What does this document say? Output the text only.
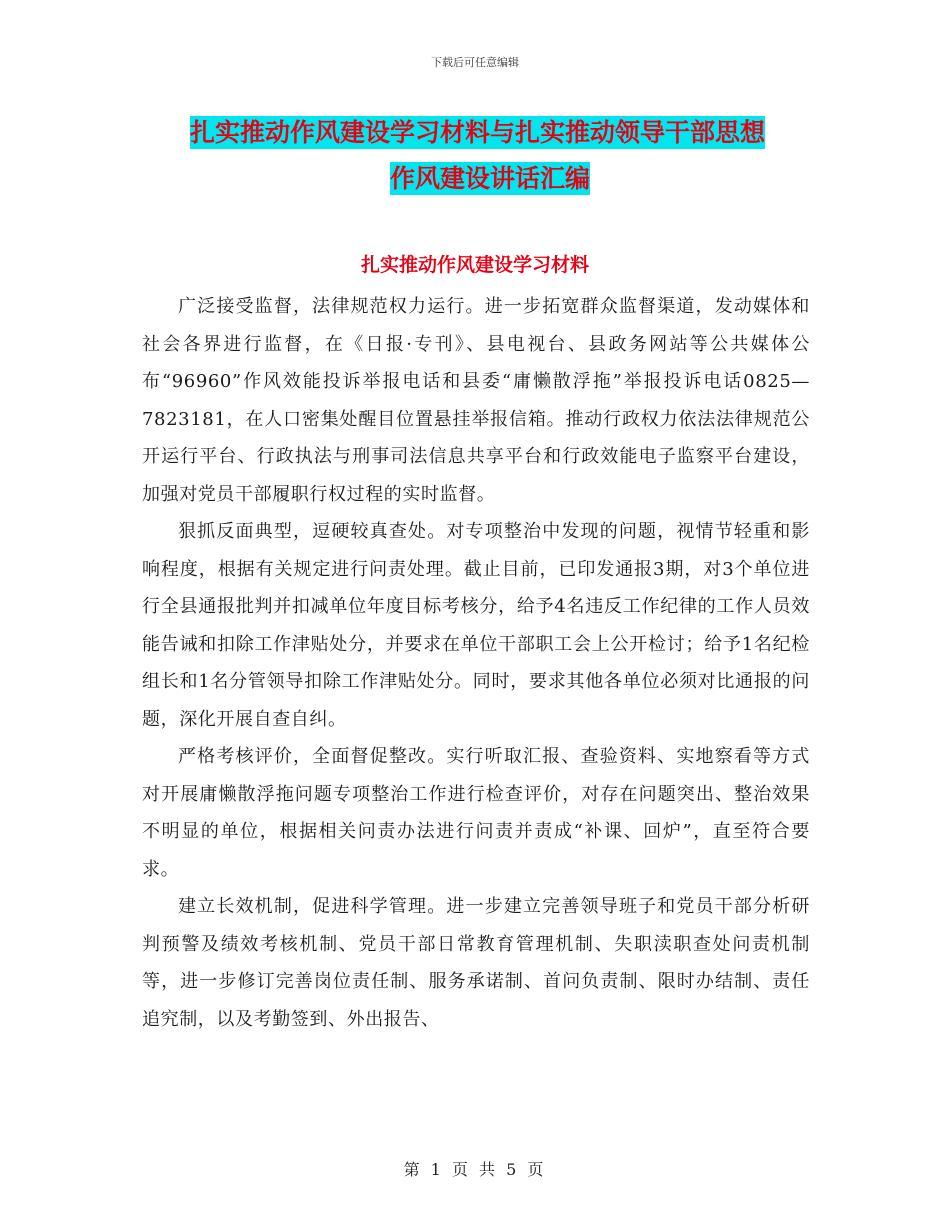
下载后可任意编辑
扎实推动作风建设学习材料与扎实推动领导干部思想
作风建设讲话汇编
扎实推动作风建设学习材料

广泛接受监督，法律规范权力运行。进一步拓宽群众监督渠道，发动媒体和社会各界进行监督，在《日报·专刊》、县电视台、县政务网站等公共媒体公布“96960”作风效能投诉举报电话和县委“庸懒散浮拖”举报投诉电话0825—7823181，在人口密集处醒目位置悬挂举报信箱。推动行政权力依法法律规范公开运行平台、行政执法与刑事司法信息共享平台和行政效能电子监察平台建设，加强对党员干部履职行权过程的实时监督。

狠抓反面典型，逗硬较真查处。对专项整治中发现的问题，视情节轻重和影响程度，根据有关规定进行问责处理。截止目前，已印发通报3期，对3个单位进行全县通报批判并扣减单位年度目标考核分，给予4名违反工作纪律的工作人员效能告诫和扣除工作津贴处分，并要求在单位干部职工会上公开检讨；给予1名纪检组长和1名分管领导扣除工作津贴处分。同时，要求其他各单位必须对比通报的问题，深化开展自查自纠。

严格考核评价，全面督促整改。实行听取汇报、查验资料、实地察看等方式对开展庸懒散浮拖问题专项整治工作进行检查评价，对存在问题突出、整治效果不明显的单位，根据相关问责办法进行问责并责成“补课、回炉”，直至符合要求。

建立长效机制，促进科学管理。进一步建立完善领导班子和党员干部分析研判预警及绩效考核机制、党员干部日常教育管理机制、失职渎职查处问责机制等，进一步修订完善岗位责任制、服务承诺制、首问负责制、限时办结制、责任追究制，以及考勤签到、外出报告、

第 1 页 共 5 页
